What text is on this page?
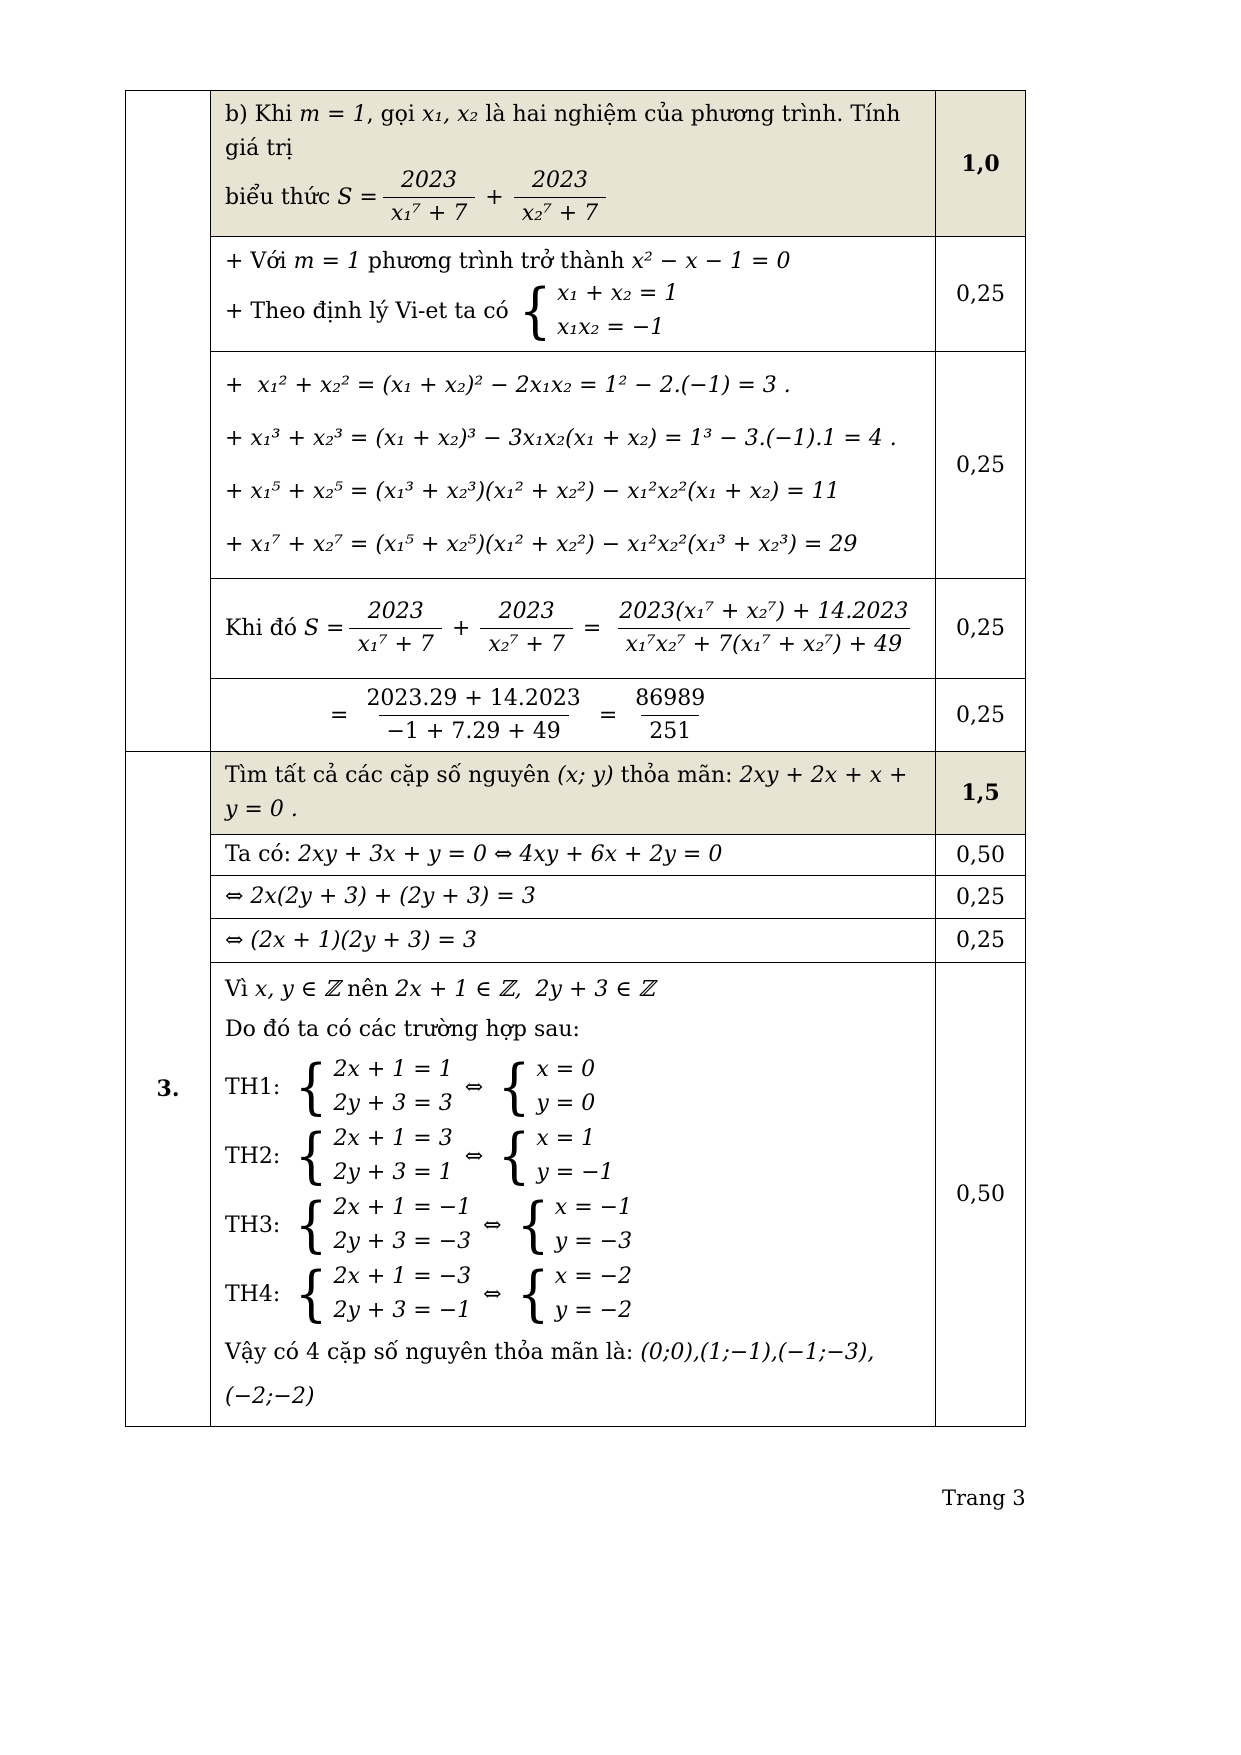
b) Khi m = 1, gọi x₁, x₂ là hai nghiệm của phương trình. Tính giá trị
biểu thức $S = \frac{2023}{\text{x₁⁷ + 7}} + \frac{2023}{\text{x₂⁷ + 7}}$
	1,0

	+ Với m = 1 phương trình trở thành x² − x − 1 = 0
+ Theo định lý Vi-et ta có { x₁ + x₂ = 1
x₁x₂ = −1	0,25

	+  x₁² + x₂² = (x₁ + x₂)² − 2x₁x₂ = 1² − 2.(−1) = 3 .
+ x₁³ + x₂³ = (x₁ + x₂)³ − 3x₁x₂(x₁ + x₂) = 1³ − 3.(−1).1 = 4 .
+ x₁⁵ + x₂⁵ = (x₁³ + x₂³)(x₁² + x₂²) − x₁²x₂²(x₁ + x₂) = 11
+ x₁⁷ + x₂⁷ = (x₁⁵ + x₂⁵)(x₁² + x₂²) − x₁²x₂²(x₁³ + x₂³) = 29	0,25

Khi đó $S = \frac{2023}{\text{x₁⁷ + 7}} + \frac{2023}{\text{x₂⁷ + 7}} = \frac{\text{2023(x₁⁷ + x₂⁷) + 14.2023}}{\text{x₁⁷x₂⁷ + 7(x₁⁷ + x₂⁷) + 49}}$	0,25

= $\frac{2023.29 + 14.2023}{-1 + 7.29 + 49} = \frac{86989}{251}$	0,25

3.	Tìm tất cả các cặp số nguyên (x; y) thỏa mãn: 2xy + 2x + x + y = 0 .	1,5

	Ta có: 2xy + 3x + y = 0 ⇔ 4xy + 6x + 2y = 0	0,50

	⇔ 2x(2y + 3) + (2y + 3) = 3	0,25

	⇔ (2x + 1)(2y + 3) = 3	0,25

Vì x, y ∈ ℤ nên 2x + 1 ∈ ℤ,  2y + 3 ∈ ℤ
Do đó ta có các trường hợp sau:
TH1: { 2x + 1 = 1
2y + 3 = 3
⇔ { x = 0
y = 0
TH2: { 2x + 1 = 3
2y + 3 = 1
⇔ { x = 1
y = −1
TH3: { 2x + 1 = −1
2y + 3 = −3
⇔ { x = −1
y = −3
TH4: { 2x + 1 = −3
2y + 3 = −1
⇔ { x = −2
y = −2
Vậy có 4 cặp số nguyên thỏa mãn là: (0;0),(1;−1),(−1;−3),(−2;−2)
	0,50
Trang 3
